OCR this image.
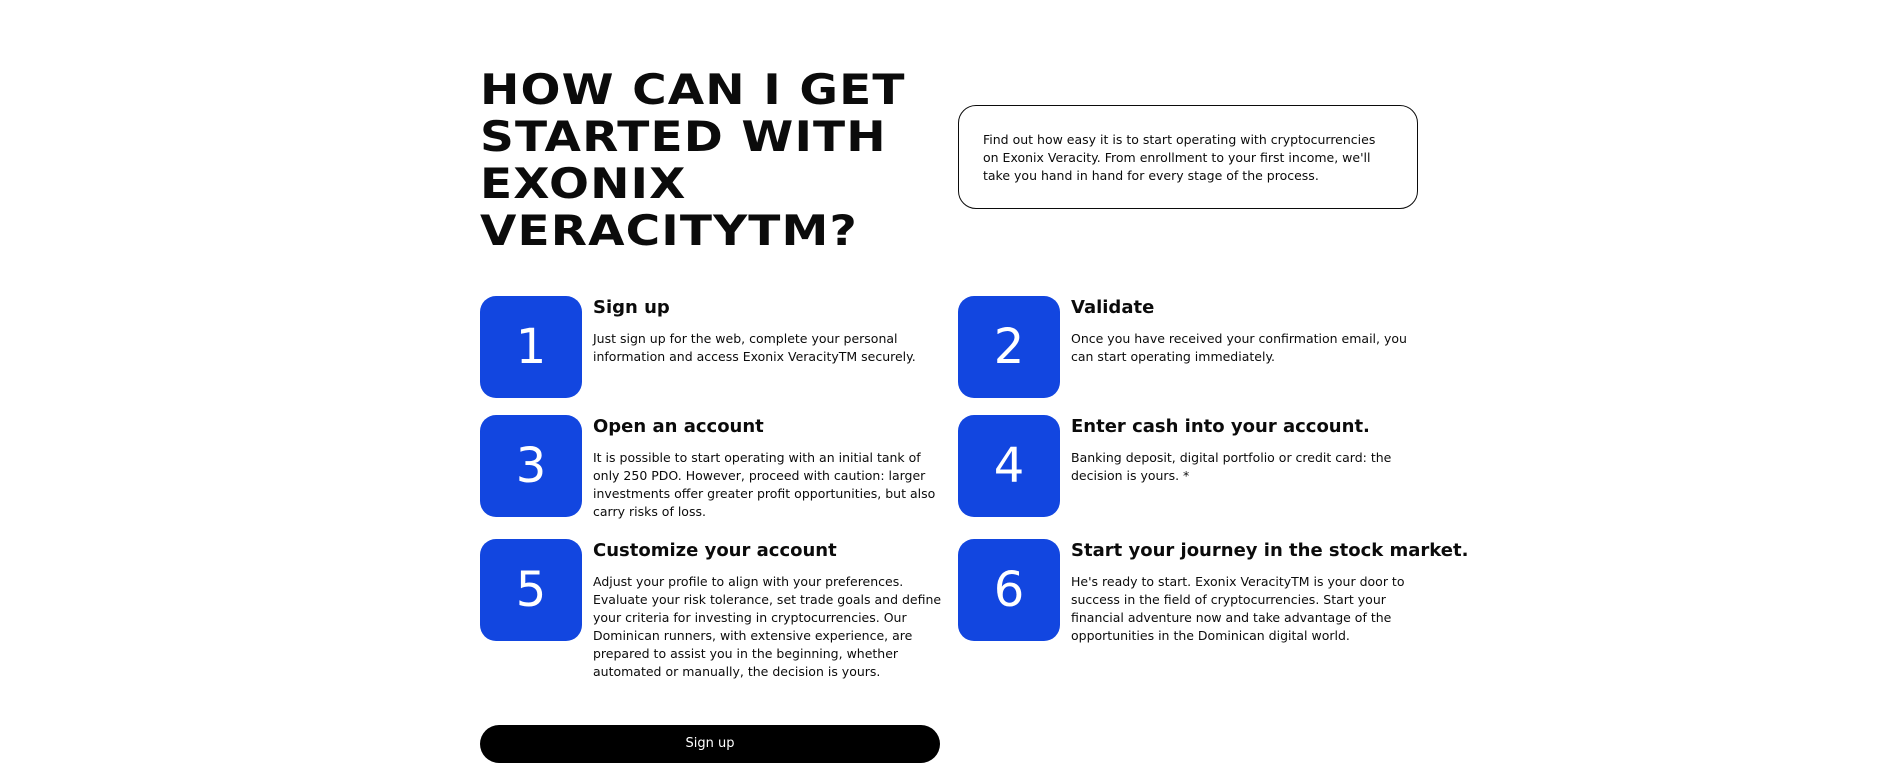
HOW CAN I GET STARTED WITH EXONIX VERACITYTM?
Find out how easy it is to start operating with cryptocurrencies on Exonix Veracity. From enrollment to your first income, we'll take you hand in hand for every stage of the process.
1
Sign up

Just sign up for the web, complete your personal information and access Exonix VeracityTM securely.	2
Validate

Once you have received your confirmation email, you can start operating immediately.

3
Open an account

It is possible to start operating with an initial tank of only 250 PDO. However, proceed with caution: larger investments offer greater profit opportunities, but also carry risks of loss.

4
Enter cash into your account.

Banking deposit, digital portfolio or credit card: the decision is yours. *

5
Customize your account

Adjust your profile to align with your preferences. Evaluate your risk tolerance, set trade goals and define your criteria for investing in cryptocurrencies. Our Dominican runners, with extensive experience, are prepared to assist you in the beginning, whether automated or manually, the decision is yours.

6
Start your journey in the stock market.

He's ready to start. Exonix VeracityTM is your door to success in the field of cryptocurrencies. Start your financial adventure now and take advantage of the opportunities in the Dominican digital world.

Sign up
